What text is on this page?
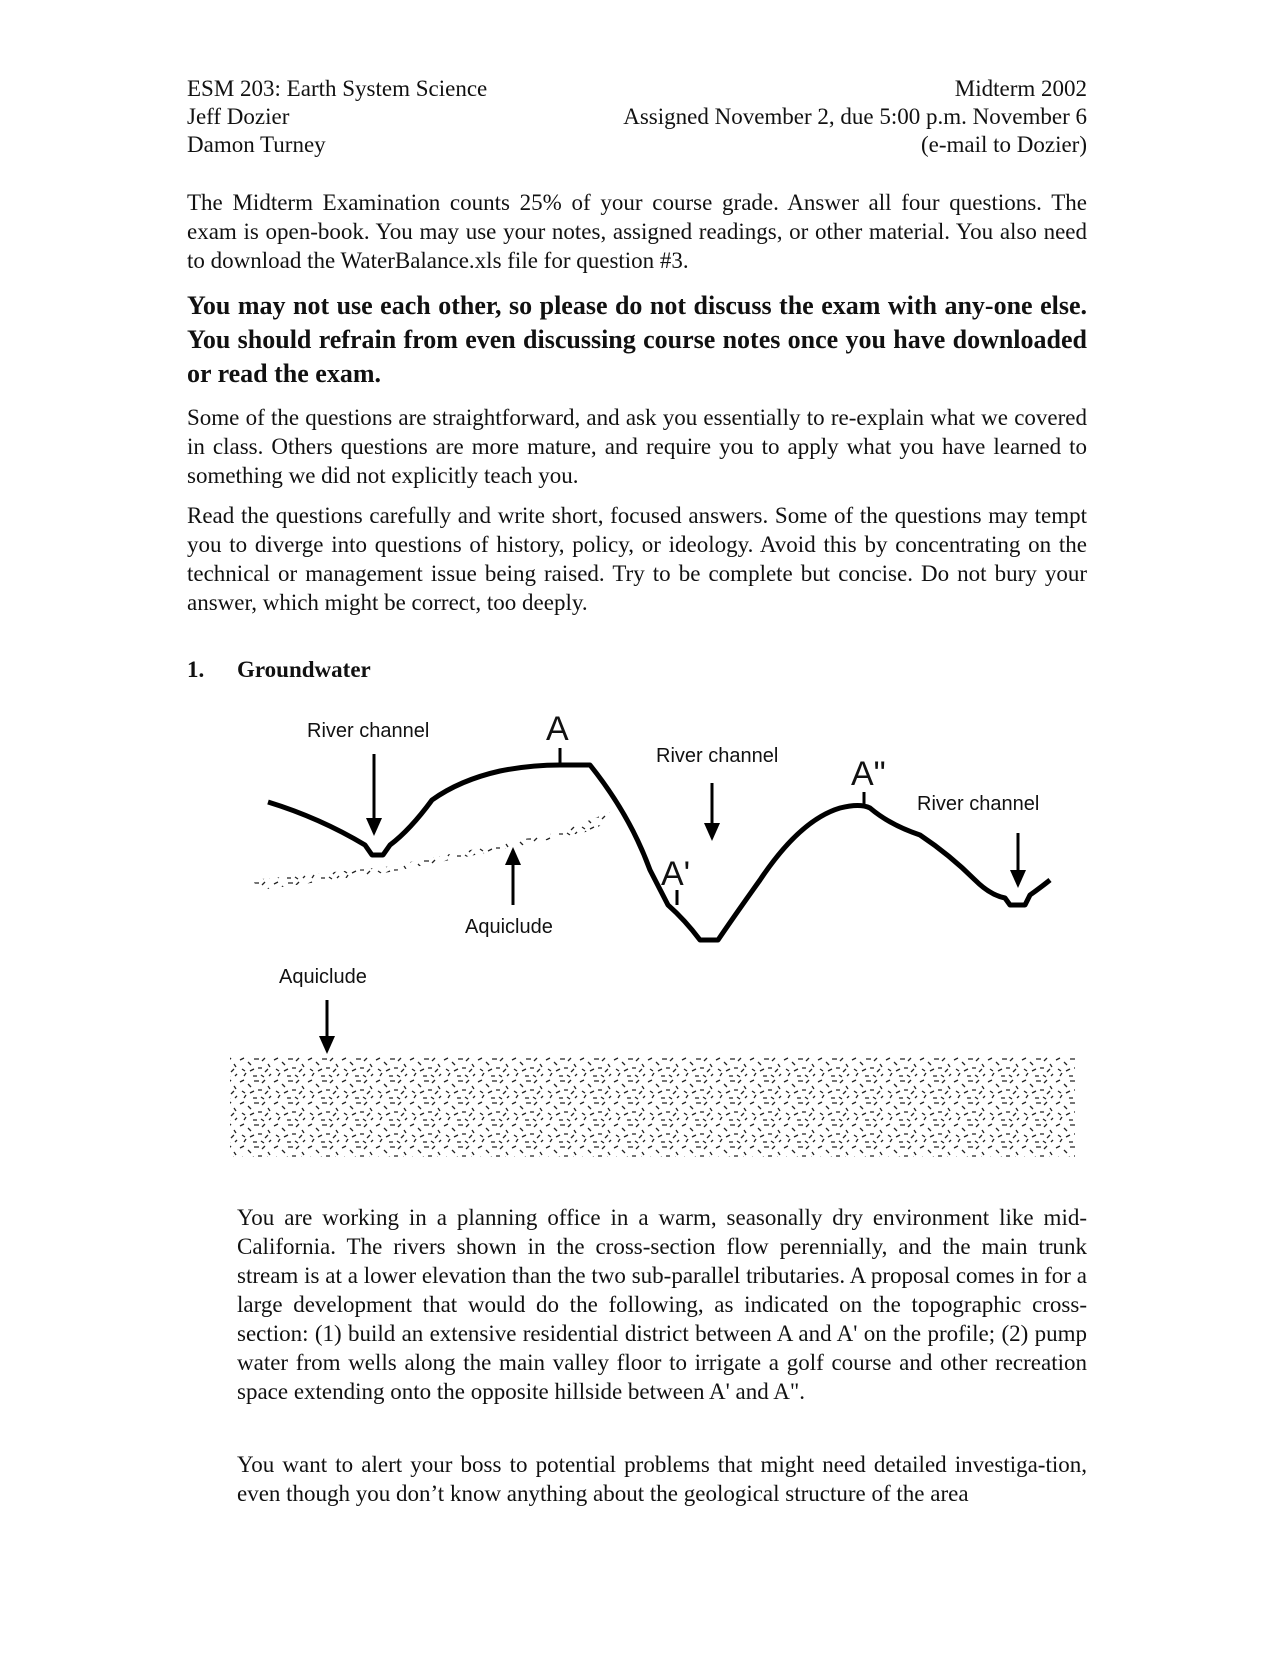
ESM 203: Earth System Science	Midterm 2002
Jeff Dozier	Assigned November 2, due 5:00 p.m. November 6
Damon Turney	(e-mail to Dozier)

The Midterm Examination counts 25% of your course grade. Answer all four questions. The exam is open-book. You may use your notes, assigned readings, or other material. You also need to download the WaterBalance.xls file for question #3.

You may not use each other, so please do not discuss the exam with any-one else. You should refrain from even discussing course notes once you have downloaded or read the exam.

Some of the questions are straightforward, and ask you essentially to re-explain what we covered in class. Others questions are more mature, and require you to apply what you have learned to something we did not explicitly teach you.

Read the questions carefully and write short, focused answers. Some of the questions may tempt you to diverge into questions of history, policy, or ideology. Avoid this by concentrating on the technical or management issue being raised. Try to be complete but concise. Do not bury your answer, which might be correct, too deeply.

1. Groundwater
River channel	A
River channel A"
River channel
A'
Aquiclude
Aquiclude

You are working in a planning office in a warm, seasonally dry environment like mid-California. The rivers shown in the cross-section flow perennially, and the main trunk stream is at a lower elevation than the two sub-parallel tributaries. A proposal comes in for a large development that would do the following, as indicated on the topographic cross-section: (1) build an extensive residential district between A and A' on the profile; (2) pump water from wells along the main valley floor to irrigate a golf course and other recreation space extending onto the opposite hillside between A' and A".

You want to alert your boss to potential problems that might need detailed investiga-tion, even though you don’t know anything about the geological structure of the area
